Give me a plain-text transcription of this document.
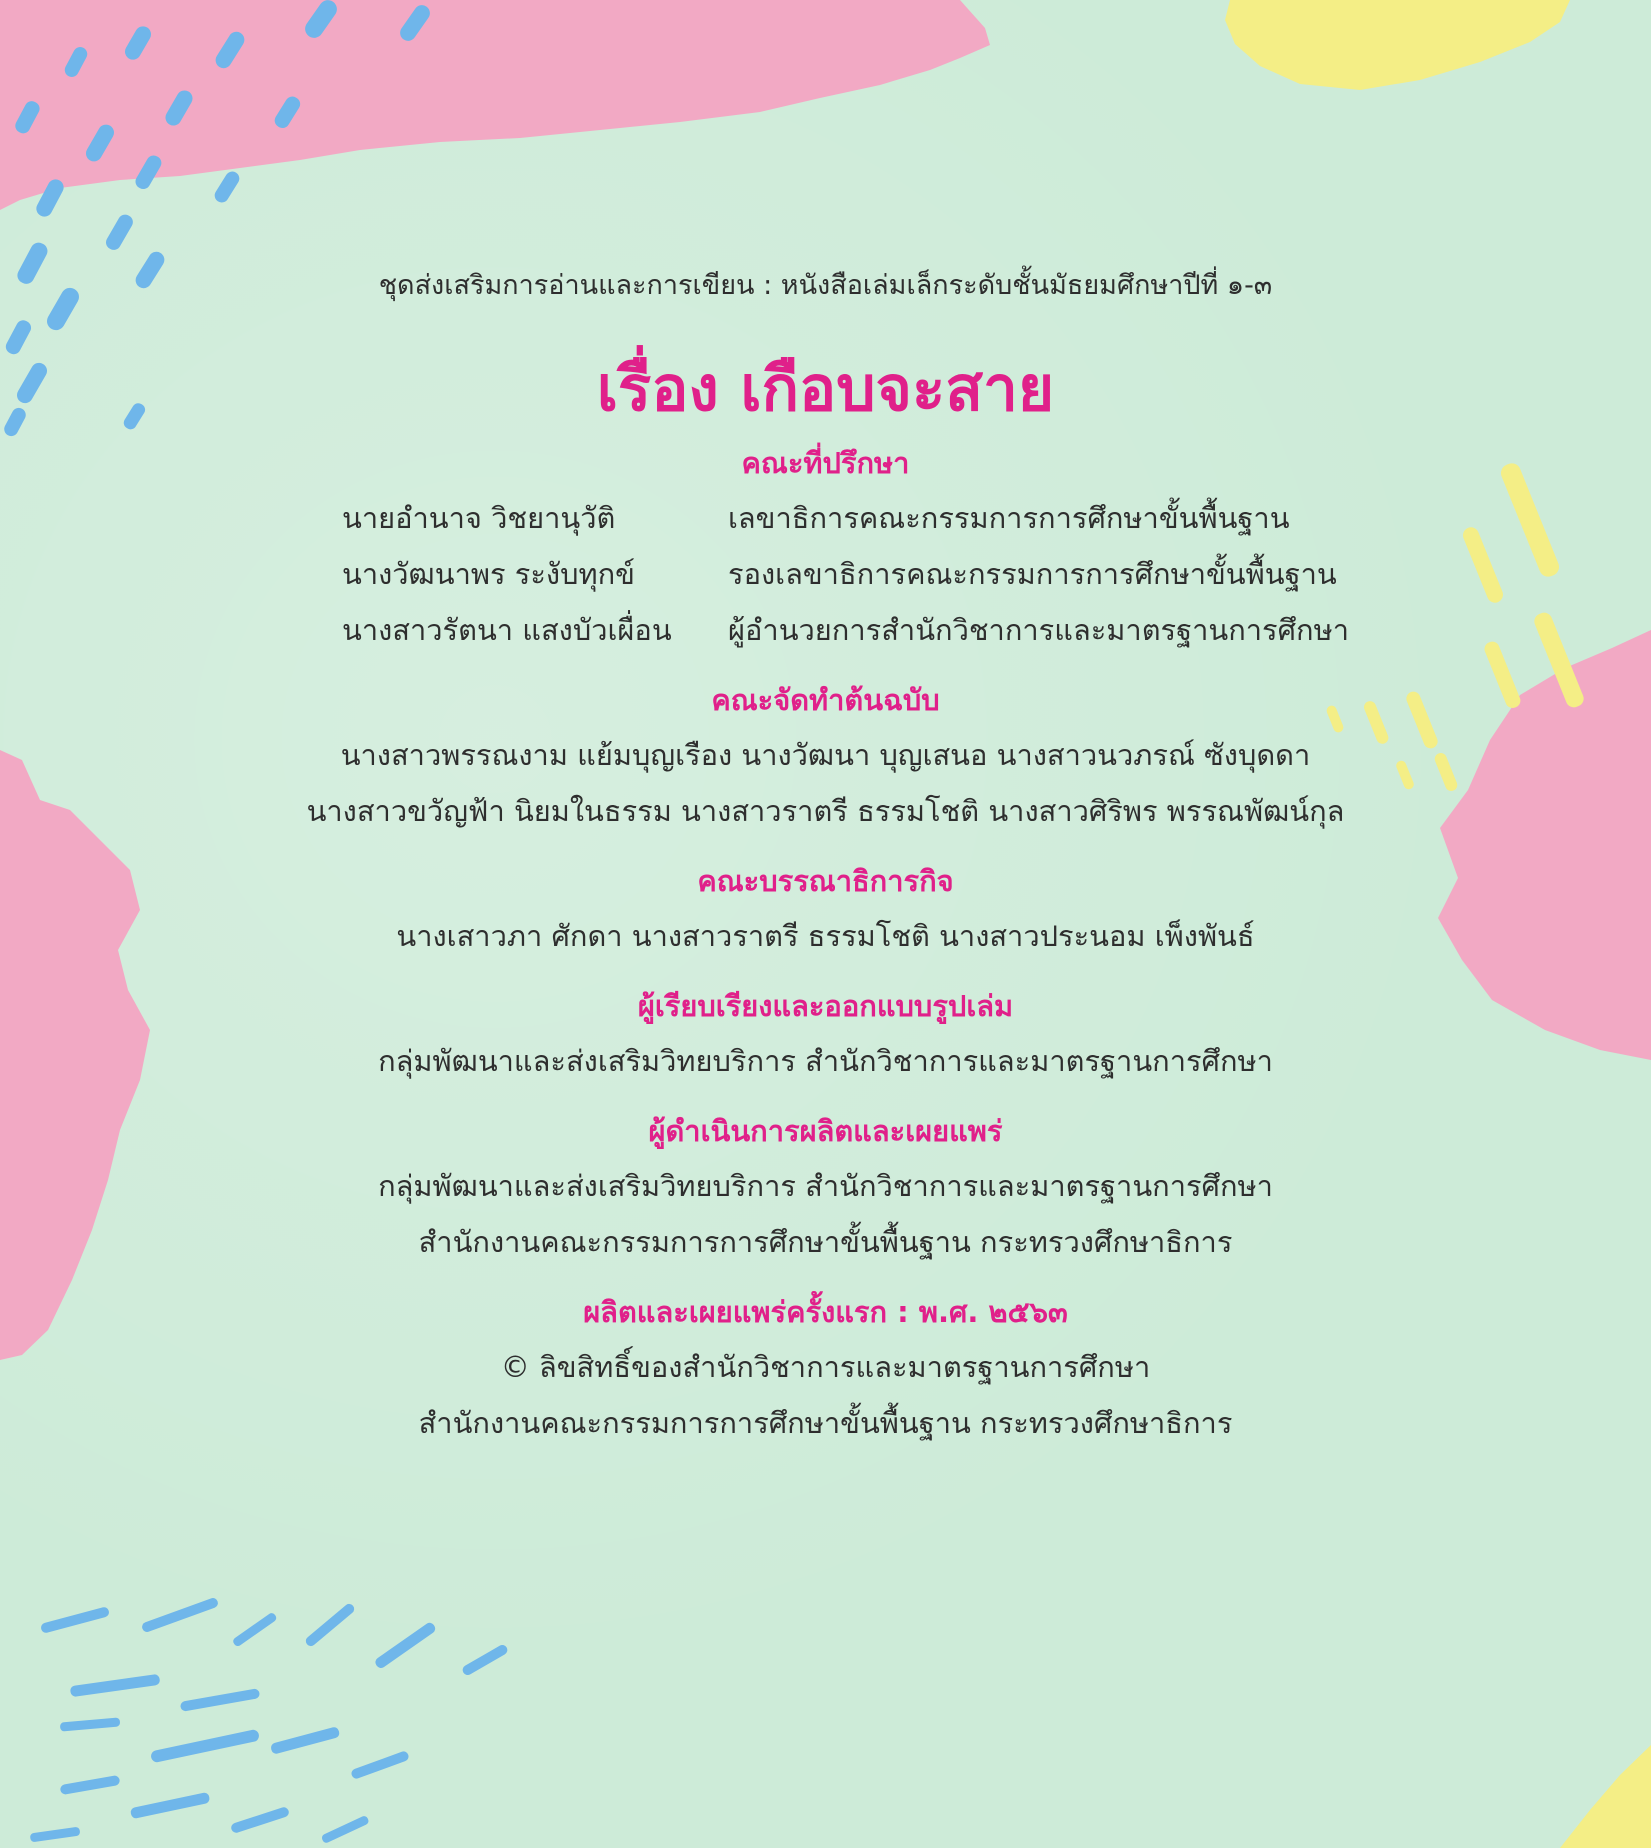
ชุดส่งเสริมการอ่านและการเขียน : หนังสือเล่มเล็กระดับชั้นมัธยมศึกษาปีที่ ๑-๓
เรื่อง เกือบจะสาย
คณะที่ปรึกษา
นายอำนาจ วิชยานุวัติ	เลขาธิการคณะกรรมการการศึกษาขั้นพื้นฐาน
นางวัฒนาพร ระงับทุกข์	รองเลขาธิการคณะกรรมการการศึกษาขั้นพื้นฐาน
นางสาวรัตนา แสงบัวเผื่อน ผู้อำนวยการสำนักวิชาการและมาตรฐานการศึกษา
คณะจัดทำต้นฉบับ
นางสาวพรรณงาม แย้มบุญเรือง นางวัฒนา บุญเสนอ นางสาวนวภรณ์ ซังบุดดา
นางสาวขวัญฟ้า นิยมในธรรม นางสาวราตรี ธรรมโชติ นางสาวศิริพร พรรณพัฒน์กุล
คณะบรรณาธิการกิจ
นางเสาวภา ศักดา นางสาวราตรี ธรรมโชติ นางสาวประนอม เพ็งพันธ์
ผู้เรียบเรียงและออกแบบรูปเล่ม
กลุ่มพัฒนาและส่งเสริมวิทยบริการ สำนักวิชาการและมาตรฐานการศึกษา
ผู้ดำเนินการผลิตและเผยแพร่
กลุ่มพัฒนาและส่งเสริมวิทยบริการ สำนักวิชาการและมาตรฐานการศึกษา
สำนักงานคณะกรรมการการศึกษาขั้นพื้นฐาน กระทรวงศึกษาธิการ
ผลิตและเผยแพร่ครั้งแรก : พ.ศ. ๒๕๖๓
© ลิขสิทธิ์ของสำนักวิชาการและมาตรฐานการศึกษา
สำนักงานคณะกรรมการการศึกษาขั้นพื้นฐาน กระทรวงศึกษาธิการ
